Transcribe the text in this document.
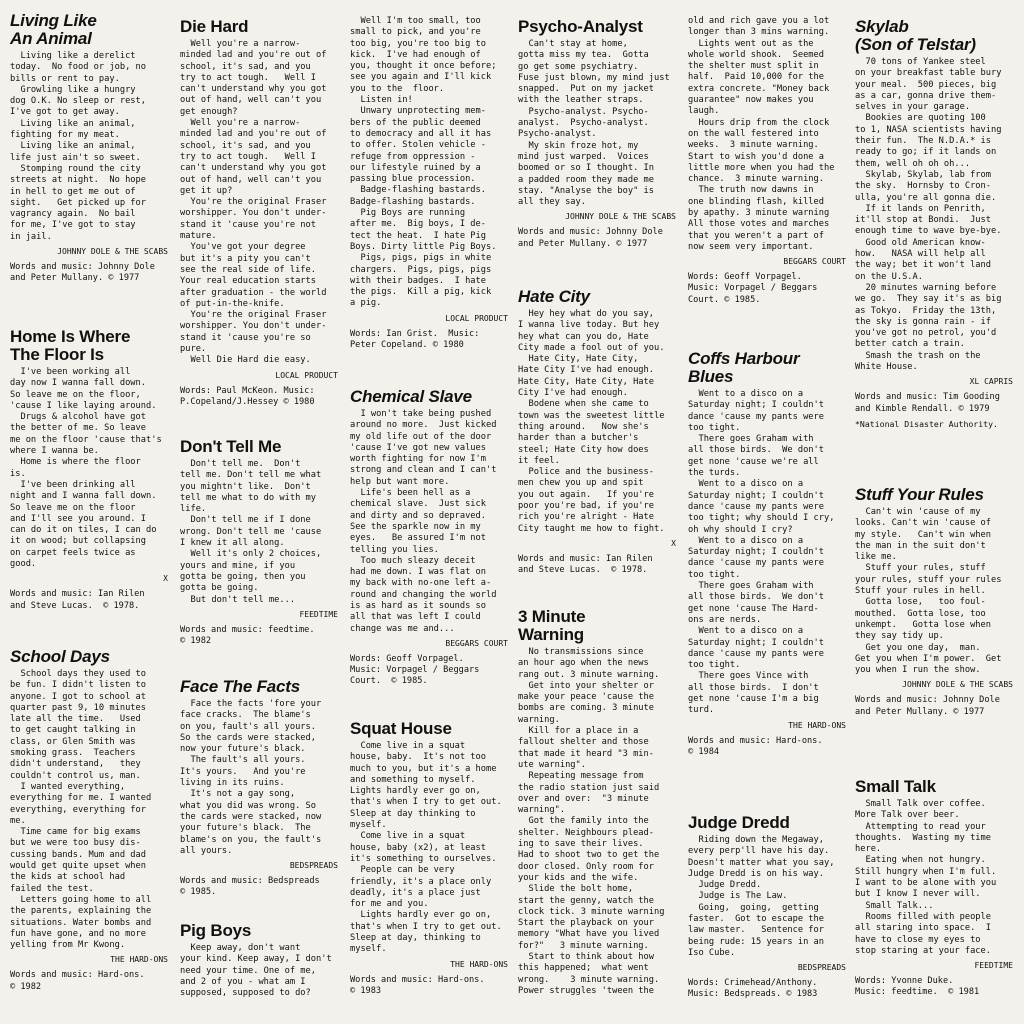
Living Like
An Animal

Living like a derelict
today.  No food or job, no
bills or rent to pay.
Growling like a hungry
dog O.K. No sleep or rest,
I've got to get away.
Living like an animal,
fighting for my meat.
Living like an animal,
life just ain't so sweet.
Stomping round the city
streets at night.  No hope
in hell to get me out of
sight.   Get picked up for
vagrancy again.  No bail
for me, I've got to stay
in jail.

JOHNNY DOLE & THE SCABS

Words and music: Johnny Dole
and Peter Mullany. © 1977

Home Is Where
The Floor Is

I've been working all
day now I wanna fall down.
So leave me on the floor,
'cause I like laying around.
Drugs & alcohol have got
the better of me. So leave
me on the floor 'cause that's
where I wanna be.
Home is where the floor
is.
I've been drinking all
night and I wanna fall down.
So leave me on the floor
and I'll see you around. I
can do it on tiles, I can do
it on wood; but collapsing
on carpet feels twice as
good.

X

Words and music: Ian Rilen
and Steve Lucas.  © 1978.

School Days

School days they used to
be fun. I didn't listen to
anyone. I got to school at
quarter past 9, 10 minutes
late all the time.   Used
to get caught talking in
class, or Glen Smith was
smoking grass.  Teachers
didn't understand,   they
couldn't control us, man.
I wanted everything,
everything for me. I wanted
everything, everything for
me.
Time came for big exams
but we were too busy dis-
cussing bands. Mum and dad
would get quite upset when
the kids at school had
failed the test.
Letters going home to all
the parents, explaining the
situations. Water bombs and
fun have gone, and no more
yelling from Mr Kwong.

THE HARD-ONS

Words and music: Hard-ons.
© 1982

Die Hard

Well you're a narrow-
minded lad and you're out of
school, it's sad, and you
try to act tough.   Well I
can't understand why you got
out of hand, well can't you
get enough?
Well you're a narrow-
minded lad and you're out of
school, it's sad, and you
try to act tough.   Well I
can't understand why you got
out of hand, well can't you
get it up?
You're the original Fraser
worshipper. You don't under-
stand it 'cause you're not
mature.
You've got your degree
but it's a pity you can't
see the real side of life.
Your real education starts
after graduation - the world
of put-in-the-knife.
You're the original Fraser
worshipper. You don't under-
stand it 'cause you're so
pure.
Well Die Hard die easy.

LOCAL PRODUCT

Words: Paul McKeon. Music:
P.Copeland/J.Hessey © 1980

Don't Tell Me

Don't tell me.  Don't
tell me. Don't tell me what
you mightn't like.  Don't
tell me what to do with my
life.
Don't tell me if I done
wrong. Don't tell me 'cause
I knew it all along.
Well it's only 2 choices,
yours and mine, if you
gotta be going, then you
gotta be going.
But don't tell me...

FEEDTIME

Words and music: feedtime.
© 1982

Face The Facts

Face the facts 'fore your
face cracks.  The blame's
on you, fault's all yours.
So the cards were stacked,
now your future's black.
The fault's all yours.
It's yours.   And you're
living in its ruins.
It's not a gay song,
what you did was wrong. So
the cards were stacked, now
your future's black.  The
blame's on you, the fault's
all yours.

BEDSPREADS

Words and music: Bedspreads
© 1985.

Pig Boys

Keep away, don't want
your kind. Keep away, I don't
need your time. One of me,
and 2 of you - what am I
supposed, supposed to do?

Well I'm too small, too
small to pick, and you're
too big, you're too big to
kick.  I've had enough of
you, thought it once before;
see you again and I'll kick
you to the  floor.
Listen in!
Unwary unprotecting mem-
bers of the public deemed
to democracy and all it has
to offer. Stolen vehicle -
refuge from oppression -
our lifestyle ruined by a
passing blue procession.
Badge-flashing bastards.
Badge-flashing bastards.
Pig Boys are running
after me.  Big boys, I de-
tect the heat.  I hate Pig
Boys. Dirty little Pig Boys.
Pigs, pigs, pigs in white
chargers.  Pigs, pigs, pigs
with their badges.  I hate
the pigs.  Kill a pig, kick
a pig.

LOCAL PRODUCT

Words: Ian Grist.  Music:
Peter Copeland. © 1980

Chemical Slave

I won't take being pushed
around no more.  Just kicked
my old life out of the door
'cause I've got new values
worth fighting for now I'm
strong and clean and I can't
help but want more.
Life's been hell as a
chemical slave.  Just sick
and dirty and so depraved.
See the sparkle now in my
eyes.   Be assured I'm not
telling you lies.
Too much sleazy deceit
had me down. I was flat on
my back with no-one left a-
round and changing the world
is as hard as it sounds so
all that was left I could
change was me and...

BEGGARS COURT

Words: Geoff Vorpagel.
Music: Vorpagel / Beggars
Court.  © 1985.

Squat House

Come live in a squat
house, baby.  It's not too
much to you, but it's a home
and something to myself.
Lights hardly ever go on,
that's when I try to get out.
Sleep at day thinking to
myself.
Come live in a squat
house, baby (x2), at least
it's something to ourselves.
People can be very
friendly, it's a place only
deadly, it's a place just
for me and you.
Lights hardly ever go on,
that's when I try to get out.
Sleep at day, thinking to
myself.

THE HARD-ONS

Words and music: Hard-ons.
© 1983

Psycho-Analyst

Can't stay at home,
gotta miss my tea.  Gotta
go get some psychiatry.
Fuse just blown, my mind just
snapped.  Put on my jacket
with the leather straps.
Psycho-analyst. Psycho-
analyst.  Psycho-analyst.
Psycho-analyst.
My skin froze hot, my
mind just warped.  Voices
boomed or so I thought. In
a padded room they made me
stay. "Analyse the boy" is
all they say.

JOHNNY DOLE & THE SCABS

Words and music: Johnny Dole
and Peter Mullany. © 1977

Hate City

Hey hey what do you say,
I wanna live today. But hey
hey what can you do, Hate
City made a fool out of you.
Hate City, Hate City,
Hate City I've had enough.
Hate City, Hate City, Hate
City I've had enough.
Bodene when she came to
town was the sweetest little
thing around.   Now she's
harder than a butcher's
steel; Hate City how does
it feel.
Police and the business-
men chew you up and spit
you out again.   If you're
poor you're bad, if you're
rich you're alright - Hate
City taught me how to fight.

X

Words and music: Ian Rilen
and Steve Lucas.  © 1978.

3 Minute
Warning

No transmissions since
an hour ago when the news
rang out. 3 minute warning.
Get into your shelter or
make your peace 'cause the
bombs are coming. 3 minute
warning.
Kill for a place in a
fallout shelter and those
that made it heard "3 min-
ute warning".
Repeating message from
the radio station just said
over and over:  "3 minute
warning".
Got the family into the
shelter. Neighbours plead-
ing to save their lives.
Had to shoot two to get the
door closed. Only room for
your kids and the wife.
Slide the bolt home,
start the genny, watch the
clock tick. 3 minute warning
Start the playback on your
memory "What have you lived
for?"   3 minute warning.
Start to think about how
this happened;  what went
wrong.    3 minute warning.
Power struggles 'tween the

old and rich gave you a lot
longer than 3 mins warning.
Lights went out as the
whole world shook.  Seemed
the shelter must split in
half.  Paid 10,000 for the
extra concrete. "Money back
guarantee" now makes you
laugh.
Hours drip from the clock
on the wall festered into
weeks.  3 minute warning.
Start to wish you'd done a
little more when you had the
chance.  3 minute warning.
The truth now dawns in
one blinding flash, killed
by apathy. 3 minute warning
All those votes and marches
that you weren't a part of
now seem very important.

BEGGARS COURT

Words: Geoff Vorpagel.
Music: Vorpagel / Beggars
Court. © 1985.

Coffs Harbour
Blues

Went to a disco on a
Saturday night; I couldn't
dance 'cause my pants were
too tight.
There goes Graham with
all those birds.  We don't
get none 'cause we're all
the turds.
Went to a disco on a
Saturday night; I couldn't
dance 'cause my pants were
too tight; why should I cry,
oh why should I cry?
Went to a disco on a
Saturday night; I couldn't
dance 'cause my pants were
too tight.
There goes Graham with
all those birds.  We don't
get none 'cause The Hard-
ons are nerds.
Went to a disco on a
Saturday night; I couldn't
dance 'cause my pants were
too tight.
There goes Vince with
all those birds.  I don't
get none 'cause I'm a big
turd.

THE HARD-ONS

Words and music: Hard-ons.
© 1984

Judge Dredd

Riding down the Megaway,
every perp'll have his day.
Doesn't matter what you say,
Judge Dredd is on his way.
Judge Dredd.
Judge is The Law.
Going,  going,  getting
faster.  Got to escape the
law master.   Sentence for
being rude: 15 years in an
Iso Cube.

BEDSPREADS

Words: Crimehead/Anthony.
Music: Bedspreads. © 1983

Skylab
(Son of Telstar)

70 tons of Yankee steel
on your breakfast table bury
your meal.  500 pieces, big
as a car, gonna drive them-
selves in your garage.
Bookies are quoting 100
to 1, NASA scientists having
their fun.  The N.D.A.* is
ready to go; if it lands on
them, well oh oh oh...
Skylab, Skylab, lab from
the sky.  Hornsby to Cron-
ulla, you're all gonna die.
If it lands on Penrith,
it'll stop at Bondi.  Just
enough time to wave bye-bye.
Good old American know-
how.   NASA will help all
the way; bet it won't land
on the U.S.A.
20 minutes warning before
we go.  They say it's as big
as Tokyo.  Friday the 13th,
the sky is gonna rain - if
you've got no petrol, you'd
better catch a train.
Smash the trash on the
White House.

XL CAPRIS

Words and music: Tim Gooding
and Kimble Rendall. © 1979

*National Disaster Authority.

Stuff Your Rules

Can't win 'cause of my
looks. Can't win 'cause of
my style.   Can't win when
the man in the suit don't
like me.
Stuff your rules, stuff
your rules, stuff your rules
Stuff your rules in hell.
Gotta lose,   too foul-
mouthed.  Gotta lose, too
unkempt.   Gotta lose when
they say tidy up.
Get you one day,  man.
Get you when I'm power.  Get
you when I run the show.

JOHNNY DOLE & THE SCABS

Words and music: Johnny Dole
and Peter Mullany. © 1977

Small Talk

Small Talk over coffee.
More Talk over beer.
Attempting to read your
thoughts.  Wasting my time
here.
Eating when not hungry.
Still hungry when I'm full.
I want to be alone with you
but I know I never will.
Small Talk...
Rooms filled with people
all staring into space.  I
have to close my eyes to
stop staring at your face.

FEEDTIME

Words: Yvonne Duke.
Music: feedtime.  © 1981
